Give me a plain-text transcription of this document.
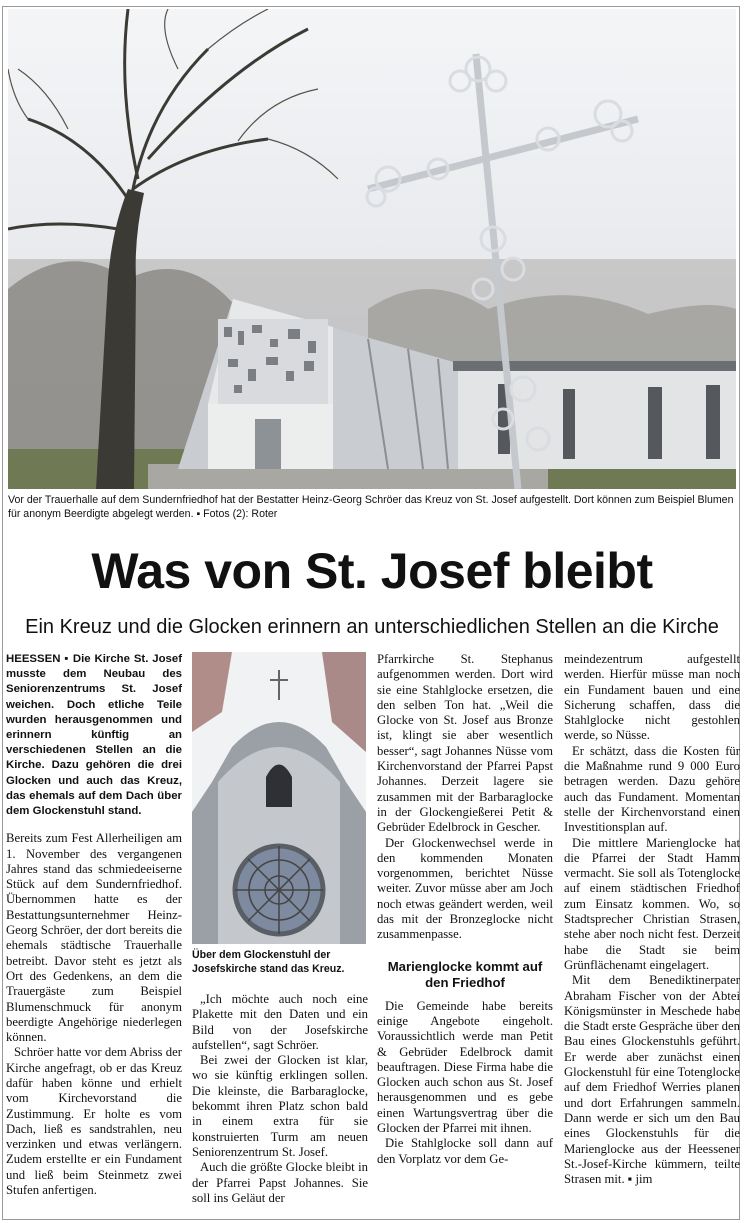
Vor der Trauerhalle auf dem Sundernfriedhof hat der Bestatter Heinz-Georg Schröer das Kreuz von St. Josef aufgestellt. Dort können zum Beispiel Blumen für anonym Beerdigte abgelegt werden. ▪ Fotos (2): Roter
Was von St. Josef bleibt
Ein Kreuz und die Glocken erinnern an unterschiedlichen Stellen an die Kirche

HEESSEN ▪ Die Kirche St. Josef musste dem Neubau des Seniorenzentrums St. Josef weichen. Doch etliche Teile wurden herausgenommen und erinnern künftig an verschiedenen Stellen an die Kirche. Dazu gehören die drei Glocken und auch das Kreuz, das ehemals auf dem Dach über dem Glockenstuhl stand.

Bereits zum Fest Allerheiligen am 1. November des vergangenen Jahres stand das schmiedeeiserne Stück auf dem Sundernfriedhof. Übernommen hatte es der Bestattungsunternehmer Heinz-Georg Schröer, der dort bereits die ehemals städtische Trauerhalle betreibt. Davor steht es jetzt als Ort des Gedenkens, an dem die Trauergäste zum Beispiel Blumenschmuck für anonym beerdigte Angehörige niederlegen können.

Schröer hatte vor dem Abriss der Kirche angefragt, ob er das Kreuz dafür haben könne und erhielt vom Kirchevorstand die Zustimmung. Er holte es vom Dach, ließ es sandstrahlen, neu verzinken und etwas verlängern. Zudem erstellte er ein Fundament und ließ beim Steinmetz zwei Stufen anfertigen.

Über dem Glockenstuhl der Josefskirche stand das Kreuz.

„Ich möchte auch noch eine Plakette mit den Daten und ein Bild von der Josefskirche aufstellen“, sagt Schröer.

Bei zwei der Glocken ist klar, wo sie künftig erklingen sollen. Die kleinste, die Barbaraglocke, bekommt ihren Platz schon bald in einem extra für sie konstruierten Turm am neuen Seniorenzentrum St. Josef.

Auch die größte Glocke bleibt in der Pfarrei Papst Johannes. Sie soll ins Geläut der

Pfarrkirche St. Stephanus aufgenommen werden. Dort wird sie eine Stahlglocke ersetzen, die den selben Ton hat. „Weil die Glocke von St. Josef aus Bronze ist, klingt sie aber wesentlich besser“, sagt Johannes Nüsse vom Kirchenvorstand der Pfarrei Papst Johannes. Derzeit lagere sie zusammen mit der Barbaraglocke in der Glockengießerei Petit & Gebrüder Edelbrock in Gescher.

Der Glockenwechsel werde in den kommenden Monaten vorgenommen, berichtet Nüsse weiter. Zuvor müsse aber am Joch noch etwas geändert werden, weil das mit der Bronzeglocke nicht zusammenpasse.

Marienglocke kommt auf den Friedhof

Die Gemeinde habe bereits einige Angebote eingeholt. Voraussichtlich werde man Petit & Gebrüder Edelbrock damit beauftragen. Diese Firma habe die Glocken auch schon aus St. Josef herausgenommen und es gebe einen Wartungsvertrag über die Glocken der Pfarrei mit ihnen.

Die Stahlglocke soll dann auf den Vorplatz vor dem Ge-

meindezentrum aufgestellt werden. Hierfür müsse man noch ein Fundament bauen und eine Sicherung schaffen, dass die Stahlglocke nicht gestohlen werde, so Nüsse.

Er schätzt, dass die Kosten für die Maßnahme rund 9 000 Euro betragen werden. Dazu gehöre auch das Fundament. Momentan stelle der Kirchenvorstand einen Investitionsplan auf.

Die mittlere Marienglocke hat die Pfarrei der Stadt Hamm vermacht. Sie soll als Totenglocke auf einem städtischen Friedhof zum Einsatz kommen. Wo, so Stadtsprecher Christian Strasen, stehe aber noch nicht fest. Derzeit habe die Stadt sie beim Grünflächenamt eingelagert.

Mit dem Benediktinerpater Abraham Fischer von der Abtei Königsmünster in Meschede habe die Stadt erste Gespräche über den Bau eines Glockenstuhls geführt. Er werde aber zunächst einen Glockenstuhl für eine Totenglocke auf dem Friedhof Werries planen und dort Erfahrungen sammeln. Dann werde er sich um den Bau eines Glockenstuhls für die Marienglocke aus der Heessener St.-Josef-Kirche kümmern, teilte Strasen mit. ▪ jim
